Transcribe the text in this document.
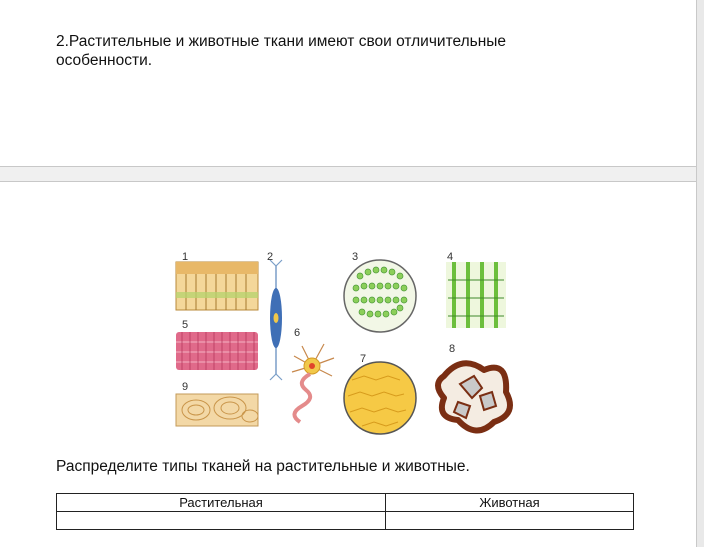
2.Растительные и животные ткани имеют свои отличительные
особенности.
1	2	3	4
5
6
7
8
9
Распределите типы тканей на растительные и животные.
Растительная	Животная
